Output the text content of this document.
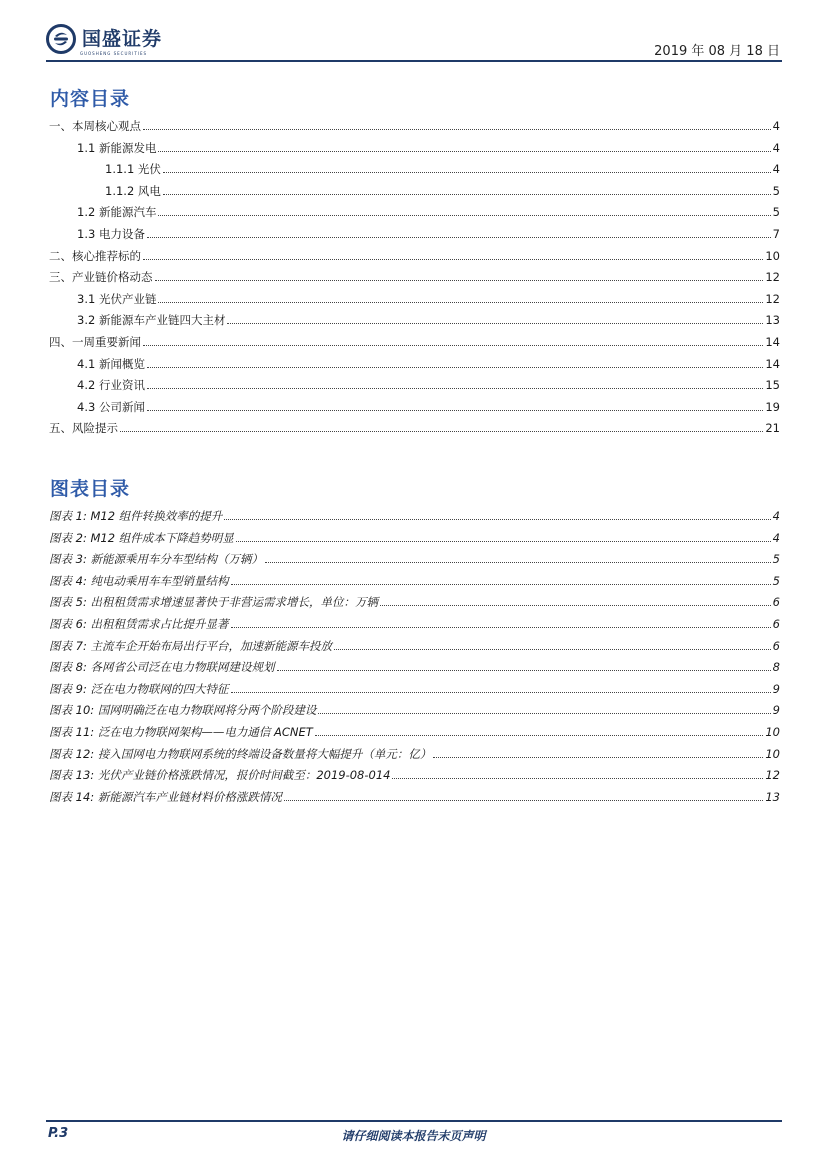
国盛证券
GUOSHENG SECURITIES	2019 年 08 月 18 日
内容目录
一、本周核心观点	4
1.1 新能源发电	4
1.1.1 光伏	4
1.1.2 风电	5
1.2 新能源汽车	5
1.3 电力设备	7
二、核心推荐标的	10
三、产业链价格动态	12
3.1 光伏产业链	12
3.2 新能源车产业链四大主材	13
四、一周重要新闻	14
4.1 新闻概览	14
4.2 行业资讯	15
4.3 公司新闻	19
五、风险提示	21
图表目录
图表 1: M12 组件转换效率的提升	4
图表 2: M12 组件成本下降趋势明显	4
图表 3: 新能源乘用车分车型结构（万辆）	5
图表 4: 纯电动乘用车车型销量结构	5
图表 5: 出租租赁需求增速显著快于非营运需求增长，单位：万辆	6
图表 6: 出租租赁需求占比提升显著	6
图表 7: 主流车企开始布局出行平台，加速新能源车投放	6
图表 8: 各网省公司泛在电力物联网建设规划	8
图表 9: 泛在电力物联网的四大特征	9
图表 10: 国网明确泛在电力物联网将分两个阶段建设	9
图表 11: 泛在电力物联网架构——电力通信 ACNET	10
图表 12: 接入国网电力物联网系统的终端设备数量将大幅提升（单元：亿）	10
图表 13: 光伏产业链价格涨跌情况，报价时间截至：2019-08-014	12
图表 14: 新能源汽车产业链材料价格涨跌情况	13
P.3	请仔细阅读本报告末页声明
